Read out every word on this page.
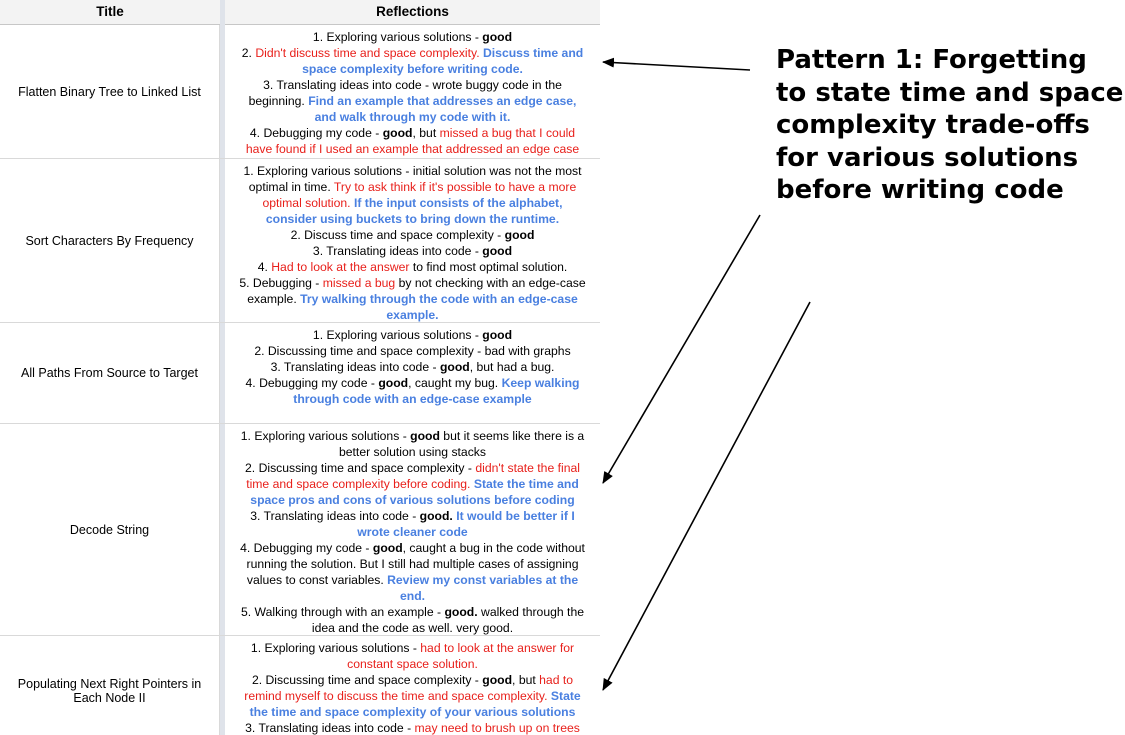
Title	Reflections
Flatten Binary Tree to Linked List
1. Exploring various solutions - good
2. Didn't discuss time and space complexity. Discuss time and
space complexity before writing code.
3. Translating ideas into code - wrote buggy code in the
beginning. Find an example that addresses an edge case,
and walk through my code with it.
4. Debugging my code - good, but missed a bug that I could
have found if I used an example that addressed an edge case
Sort Characters By Frequency
1. Exploring various solutions - initial solution was not the most
optimal in time. Try to ask think if it's possible to have a more
optimal solution. If the input consists of the alphabet,
consider using buckets to bring down the runtime.
2. Discuss time and space complexity - good
3. Translating ideas into code - good
4. Had to look at the answer to find most optimal solution.
5. Debugging - missed a bug by not checking with an edge-case
example. Try walking through the code with an edge-case
example.
All Paths From Source to Target
1. Exploring various solutions - good
2. Discussing time and space complexity - bad with graphs
3. Translating ideas into code - good, but had a bug.
4. Debugging my code - good, caught my bug. Keep walking
through code with an edge-case example
Decode String
1. Exploring various solutions - good but it seems like there is a
better solution using stacks
2. Discussing time and space complexity - didn't state the final
time and space complexity before coding. State the time and
space pros and cons of various solutions before coding
3. Translating ideas into code - good. It would be better if I
wrote cleaner code
4. Debugging my code - good, caught a bug in the code without
running the solution. But I still had multiple cases of assigning
values to const variables. Review my const variables at the
end.
5. Walking through with an example - good. walked through the
idea and the code as well. very good.
Populating Next Right Pointers in Each Node II
1. Exploring various solutions - had to look at the answer for
constant space solution.
2. Discussing time and space complexity - good, but had to
remind myself to discuss the time and space complexity. State
the time and space complexity of your various solutions
3. Translating ideas into code - may need to brush up on trees
Pattern 1: Forgetting
to state time and space
complexity trade-offs
for various solutions
before writing code
